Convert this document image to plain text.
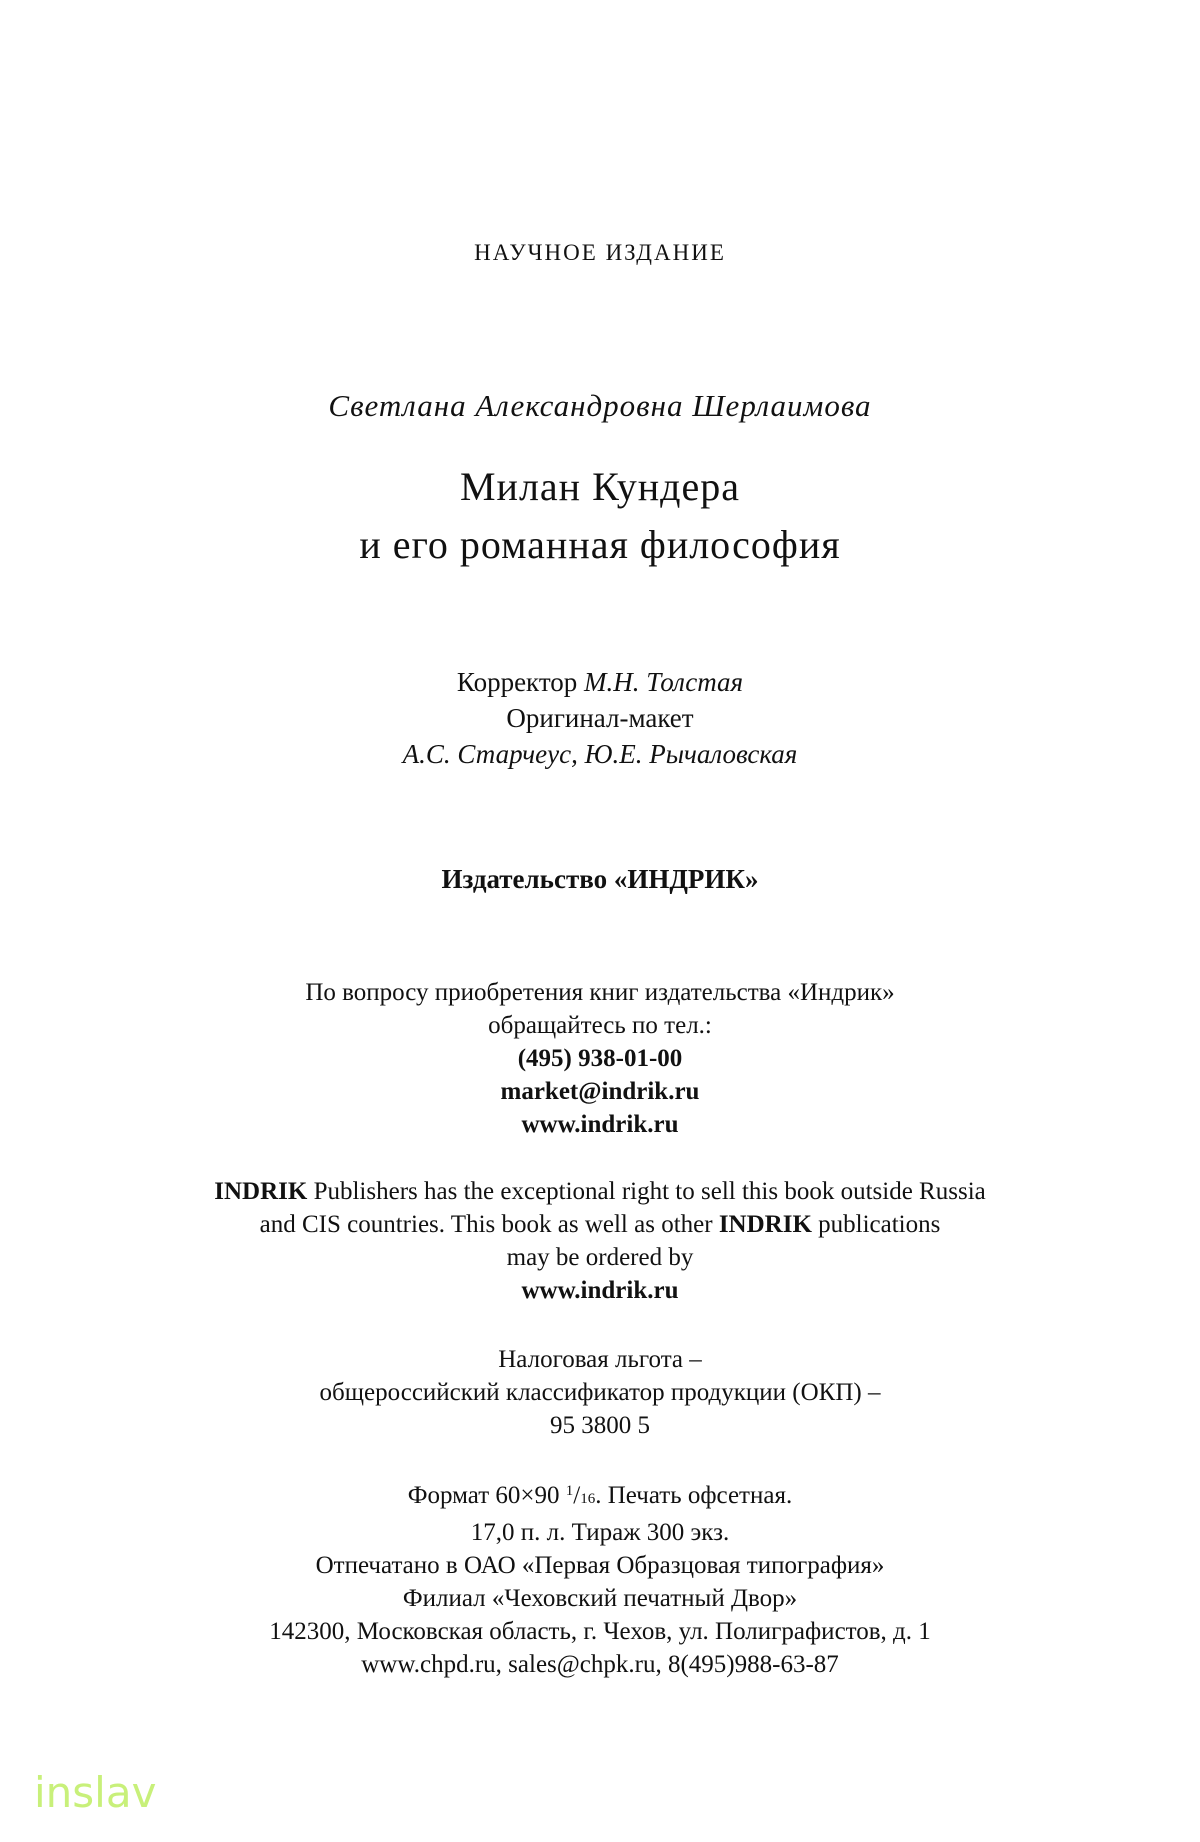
НАУЧНОЕ ИЗДАНИЕ
Светлана Александровна Шерлаимова
Милан Кундера
и его романная философия
Корректор М.Н. Толстая
Оригинал-макет
А.С. Старчеус, Ю.Е. Рычаловская
Издательство «ИНДРИК»
По вопросу приобретения книг издательства «Индрик»
обращайтесь по тел.:
(495) 938-01-00
market@indrik.ru
www.indrik.ru
INDRIK Publishers has the exceptional right to sell this book outside Russia
and CIS countries. This book as well as other INDRIK publications
may be ordered by
www.indrik.ru
Налоговая льгота –
общероссийский классификатор продукции (ОКП) –
95 3800 5
Формат 60×90 $^1$/16. Печать офсетная.
17,0 п. л. Тираж 300 экз.
Отпечатано в ОАО «Первая Образцовая типография»
Филиал «Чеховский печатный Двор»
142300, Московская область, г. Чехов, ул. Полиграфистов, д. 1
www.chpd.ru, sales@chpk.ru, 8(495)988-63-87
inslav
